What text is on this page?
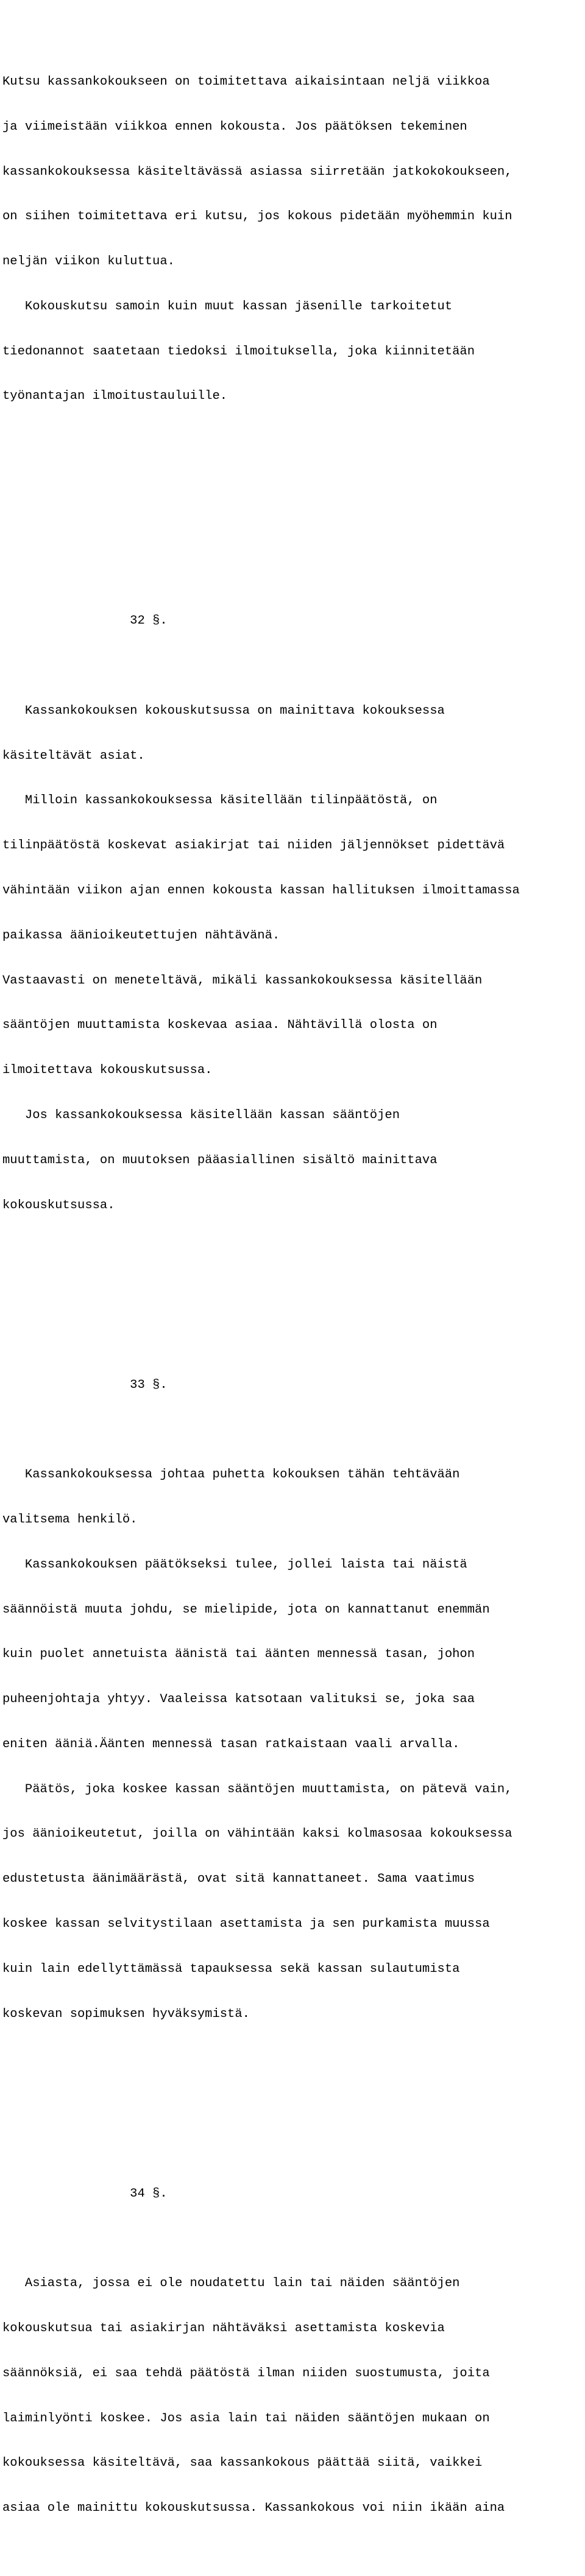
Kutsu kassankokoukseen on toimitettava aikaisintaan neljä viikkoa

ja viimeistään viikkoa ennen kokousta. Jos päätöksen tekeminen

kassankokouksessa käsiteltävässä asiassa siirretään jatkokokoukseen,

on siihen toimitettava eri kutsu, jos kokous pidetään myöhemmin kuin

neljän viikon kuluttua.

Kokouskutsu samoin kuin muut kassan jäsenille tarkoitetut

tiedonannot saatetaan tiedoksi ilmoituksella, joka kiinnitetään

työnantajan ilmoitustauluille.

32 §.

Kassankokouksen kokouskutsussa on mainittava kokouksessa

käsiteltävät asiat.

Milloin kassankokouksessa käsitellään tilinpäätöstä, on

tilinpäätöstä koskevat asiakirjat tai niiden jäljennökset pidettävä

vähintään viikon ajan ennen kokousta kassan hallituksen ilmoittamassa

paikassa äänioikeutettujen nähtävänä.

Vastaavasti on meneteltävä, mikäli kassankokouksessa käsitellään

sääntöjen muuttamista koskevaa asiaa. Nähtävillä olosta on

ilmoitettava kokouskutsussa.

Jos kassankokouksessa käsitellään kassan sääntöjen

muuttamista, on muutoksen pääasiallinen sisältö mainittava

kokouskutsussa.

33 §.

Kassankokouksessa johtaa puhetta kokouksen tähän tehtävään

valitsema henkilö.

Kassankokouksen päätökseksi tulee, jollei laista tai näistä

säännöistä muuta johdu, se mielipide, jota on kannattanut enemmän

kuin puolet annetuista äänistä tai äänten mennessä tasan, johon

puheenjohtaja yhtyy. Vaaleissa katsotaan valituksi se, joka saa

eniten ääniä.Äänten mennessä tasan ratkaistaan vaali arvalla.

Päätös, joka koskee kassan sääntöjen muuttamista, on pätevä vain,

jos äänioikeutetut, joilla on vähintään kaksi kolmasosaa kokouksessa

edustetusta äänimäärästä, ovat sitä kannattaneet. Sama vaatimus

koskee kassan selvitystilaan asettamista ja sen purkamista muussa

kuin lain edellyttämässä tapauksessa sekä kassan sulautumista

koskevan sopimuksen hyväksymistä.

34 §.

Asiasta, jossa ei ole noudatettu lain tai näiden sääntöjen

kokouskutsua tai asiakirjan nähtäväksi asettamista koskevia

säännöksiä, ei saa tehdä päätöstä ilman niiden suostumusta, joita

laiminlyönti koskee. Jos asia lain tai näiden sääntöjen mukaan on

kokouksessa käsiteltävä, saa kassankokous päättää siitä, vaikkei

asiaa ole mainittu kokouskutsussa. Kassankokous voi niin ikään aina
